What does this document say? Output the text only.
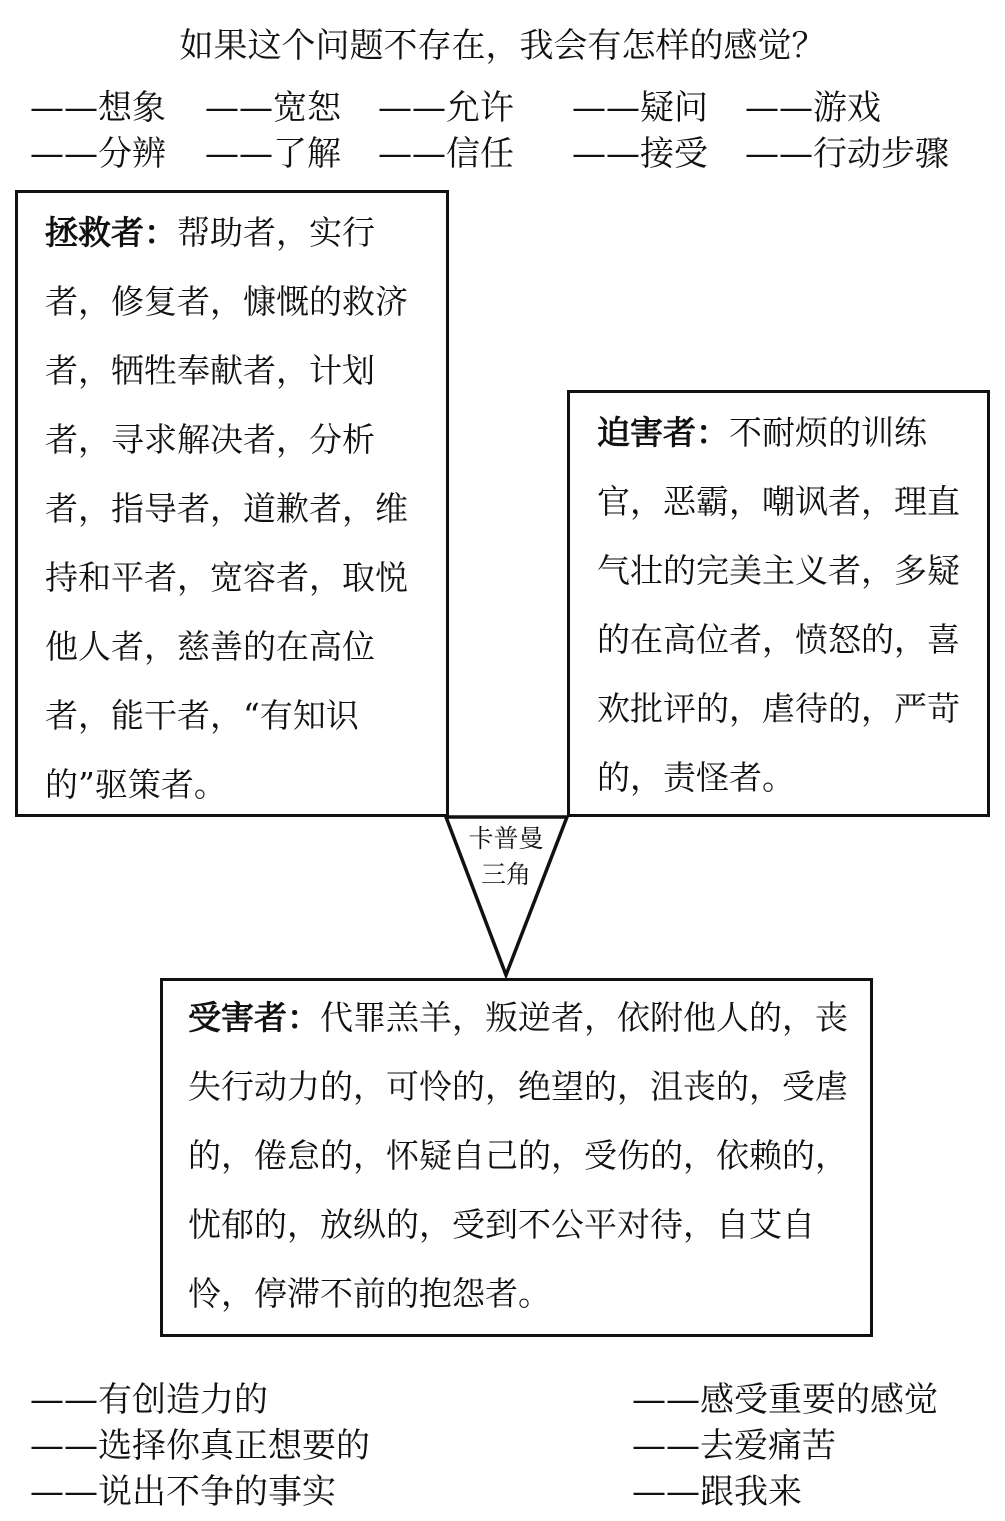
如果这个问题不存在，我会有怎样的感觉？
——想象 ——宽恕 ——允许 ——疑问 ——游戏
——分辨 ——了解 ——信任 ——接受 ——行动步骤
拯救者：帮助者，实行者，修复者，慷慨的救济者，牺牲奉献者，计划者，寻求解决者，分析者，指导者，道歉者，维持和平者，宽容者，取悦他人者，慈善的在高位者，能干者，“有知识的”驱策者。
迫害者：不耐烦的训练官，恶霸，嘲讽者，理直气壮的完美主义者，多疑的在高位者，愤怒的，喜欢批评的，虐待的，严苛的，责怪者。
卡普曼
三角
受害者：代罪羔羊，叛逆者，依附他人的，丧失行动力的，可怜的，绝望的，沮丧的，受虐的，倦怠的，怀疑自己的，受伤的，依赖的，忧郁的，放纵的，受到不公平对待，自艾自怜，停滞不前的抱怨者。
——有创造力的
——选择你真正想要的
——说出不争的事实
——感受重要的感觉
——去爱痛苦
——跟我来
